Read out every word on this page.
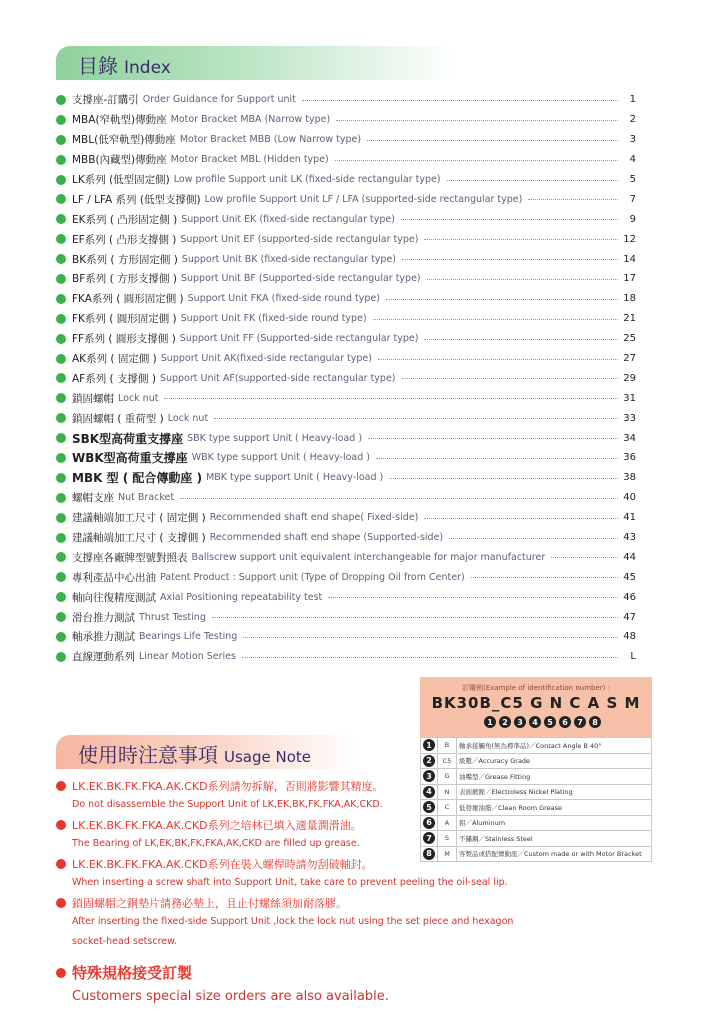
目錄 Index
支撐座-訂購引 Order Guidance for Support unit	1
MBA(窄軌型)傳動座 Motor Bracket MBA (Narrow type)	2
MBL(低窄軌型)傳動座 Motor Bracket MBB (Low Narrow type)	3
MBB(內藏型)傳動座 Motor Bracket MBL (Hidden type)	4
LK系列 (低型固定側) Low profile Support unit LK (fixed-side rectangular type)	5
LF / LFA 系列 (低型支撐側) Low profile Support Unit LF / LFA (supported-side rectangular type)	7
EK系列 ( 凸形固定側 ) Support Unit EK (fixed-side rectangular type)	9
EF系列 ( 凸形支撐側 ) Support Unit EF (supported-side rectangular type)	12
BK系列 ( 方形固定側 ) Support Unit BK (fixed-side rectangular type)	14
BF系列 ( 方形支撐側 ) Support Unit BF (Supported-side rectangular type)	17
FKA系列 ( 圓形固定側 ) Support Unit FKA (fixed-side round type)	18
FK系列 ( 圓形固定側 ) Support Unit FK (fixed-side round type)	21
FF系列 ( 圓形支撐側 ) Support Unit FF (Supported-side rectangular type)	25
AK系列 ( 固定側 ) Support Unit AK(fixed-side rectangular type)	27
AF系列 ( 支撐側 ) Support Unit AF(supported-side rectangular type)	29
鎖固螺帽 Lock nut	31
鎖固螺帽 ( 重荷型 ) Lock nut	33
SBK型高荷重支撐座 SBK type support Unit ( Heavy-load )	34
WBK型高荷重支撐座 WBK type support Unit ( Heavy-load )	36
MBK 型 ( 配合傳動座 ) MBK type support Unit ( Heavy-load )	38
螺帽支座 Nut Bracket	40
建議軸端加工尺寸 ( 固定側 ) Recommended shaft end shape( Fixed-side)	41
建議軸端加工尺寸 ( 支撐側 ) Recommended shaft end shape (Supported-side)	43
支撐座各廠牌型號對照表 Ballscrew support unit equivalent interchangeable for major manufacturer	44
專利產品中心出油 Patent Product : Support unit (Type of Dropping Oil from Center)	45
軸向往復精度測試 Axial Positioning repeatability test	46
滑台推力測試 Thrust Testing	47
軸承推力測試 Bearings Life Testing	48
直線運動系列 Linear Motion Series	L
訂購例(Example of identification number) :
BK30B_C5 G N C A S M
1	2	3	4	5	6	7	8
1	B	軸承接觸角(無為標準品)／Contact Angle B 40°

2	C5	級數／Accuracy Grade

3	G	油嘴型／Grease Fitting

4	N	表面鍍鎳／Electroless Nickel Plating

5	C	低發塵油脂／Clean Room Grease

6	A	鋁／Aluminum

7	S	不鏽鋼／Stainless Steel

8	M	客製品或搭配傳動座／Custom made or with Motor Bracket
使用時注意事項 Usage Note
LK.EK.BK.FK.FKA.AK.CKD系列請勿拆解，否則將影響其精度。
Do not disassemble the Support Unit of LK,EK,BK,FK,FKA,AK,CKD.
LK.EK.BK.FK.FKA.AK.CKD系列之培林已填入適量潤滑油。
The Bearing of LK,EK,BK,FK,FKA,AK,CKD are filled up grease.
LK.EK.BK.FK.FKA.AK.CKD系列在裝入螺桿時請勿刮破軸封。
When inserting a screw shaft into Support Unit, take care to prevent peeling the oil-seal lip.
鎖固螺帽之銅墊片請務必墊上，且止付螺絲須加耐落膠。
After inserting the fixed-side Support Unit ,lock the lock nut using the set piece and hexagon
socket-head setscrew.
特殊規格接受訂製
Customers special size orders are also available.
